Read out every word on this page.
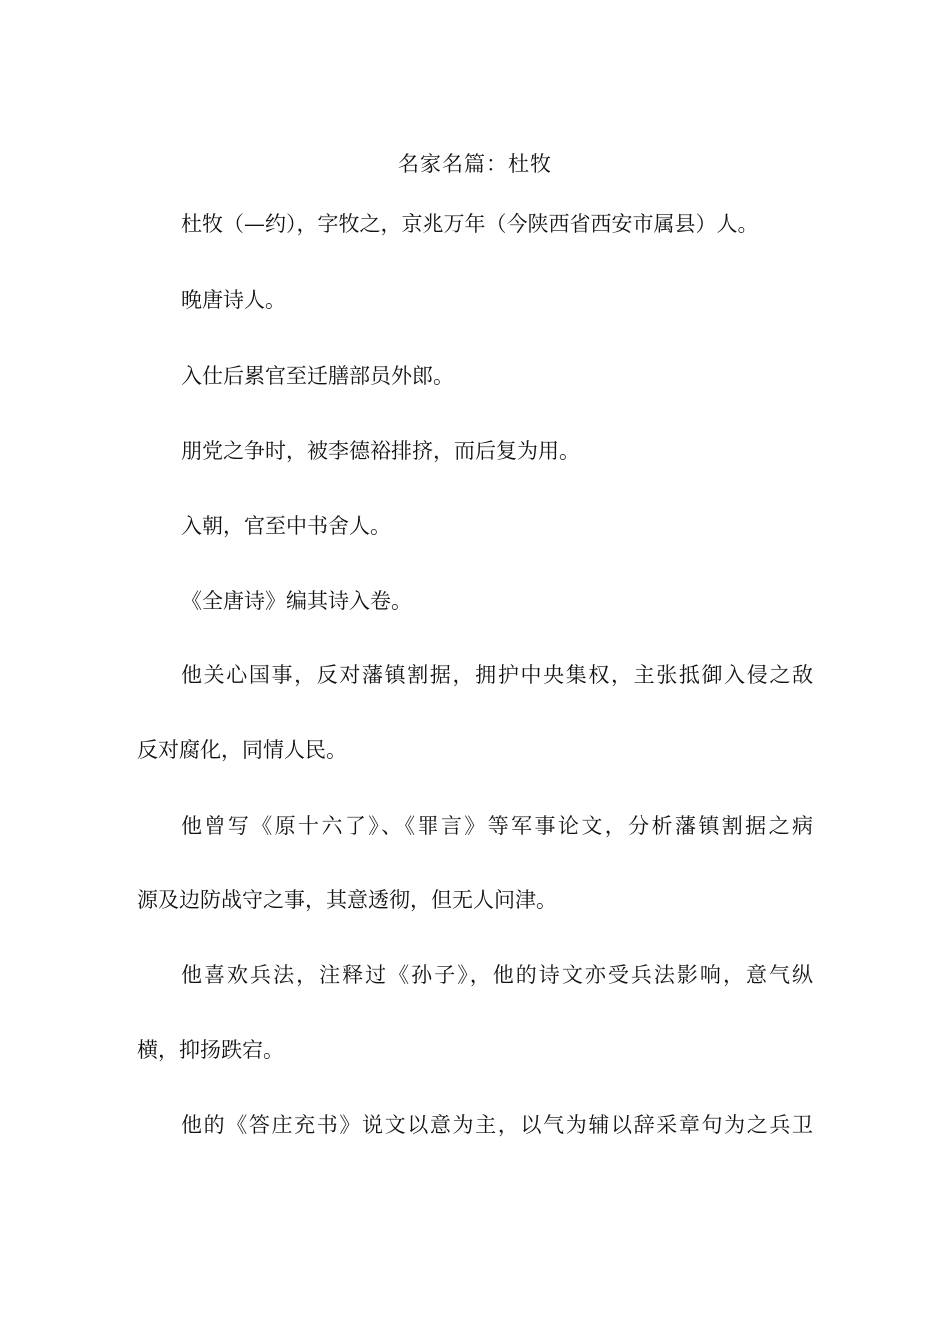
名家名篇：杜牧
杜牧（—约），字牧之，京兆万年（今陕西省西安市属县）人。
晚唐诗人。
入仕后累官至迁膳部员外郎。
朋党之争时，被李德裕排挤，而后复为用。
入朝，官至中书舍人。
《全唐诗》编其诗入卷。
他关心国事，反对藩镇割据，拥护中央集权，主张抵御入侵之敌
反对腐化，同情人民。
他曾写《原十六了》、《罪言》等军事论文，分析藩镇割据之病
源及边防战守之事，其意透彻，但无人问津。
他喜欢兵法，注释过《孙子》，他的诗文亦受兵法影响，意气纵
横，抑扬跌宕。
他的《答庄充书》说文以意为主，以气为辅以辞采章句为之兵卫
